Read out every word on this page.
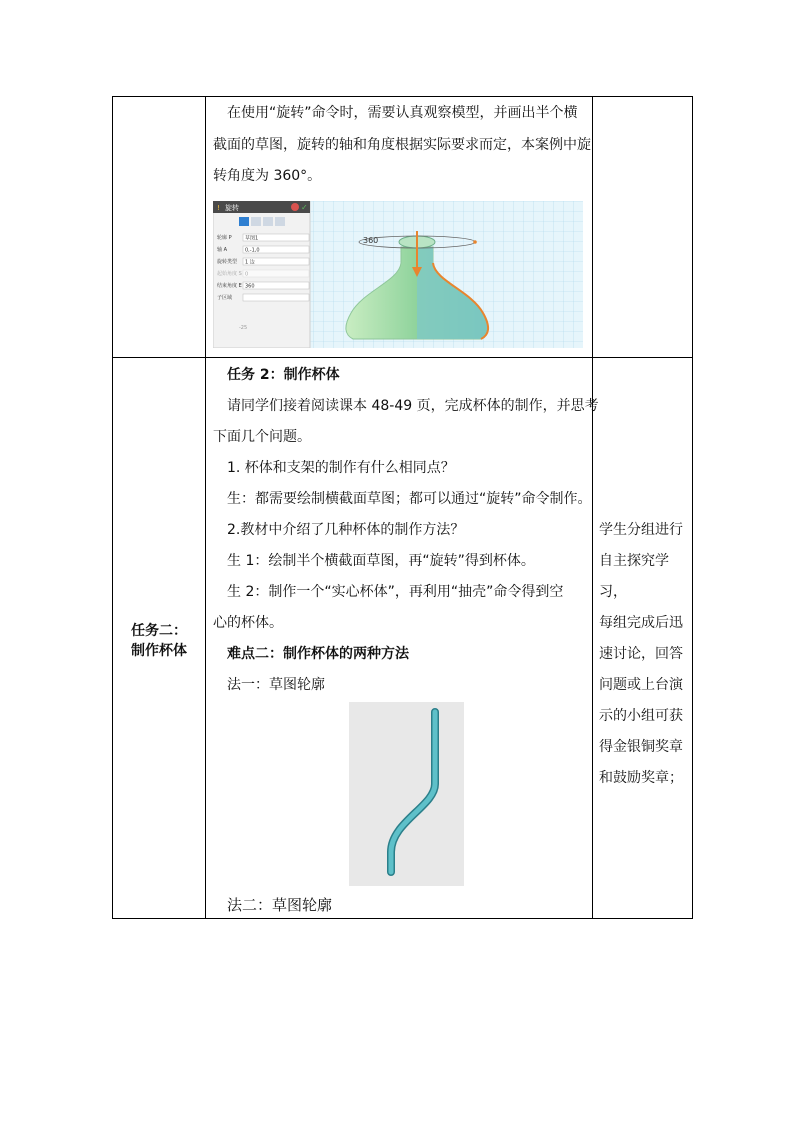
在使用“旋转”命令时，需要认真观察模型，并画出半个横
截面的草图，旋转的轴和角度根据实际要求而定，本案例中旋
转角度为 360°。
! 旋转	✓
轮廓 P	草图1
轴 A	0,-1,0
旋转类型 1 边
起始角度 S 0
结束角度 E 360
子区域
-25
360
任务二：
制作杯体
任务 2：制作杯体
请同学们接着阅读课本 48-49 页，完成杯体的制作，并思考
下面几个问题。
1. 杯体和支架的制作有什么相同点？
生：都需要绘制横截面草图；都可以通过“旋转”命令制作。
2.教材中介绍了几种杯体的制作方法？
生 1：绘制半个横截面草图，再“旋转”得到杯体。
生 2：制作一个“实心杯体”，再利用“抽壳”命令得到空
心的杯体。
难点二：制作杯体的两种方法
法一：草图轮廓
法二：草图轮廓
学生分组进行
自主探究学习，
每组完成后迅
速讨论，回答
问题或上台演
示的小组可获
得金银铜奖章
和鼓励奖章；
